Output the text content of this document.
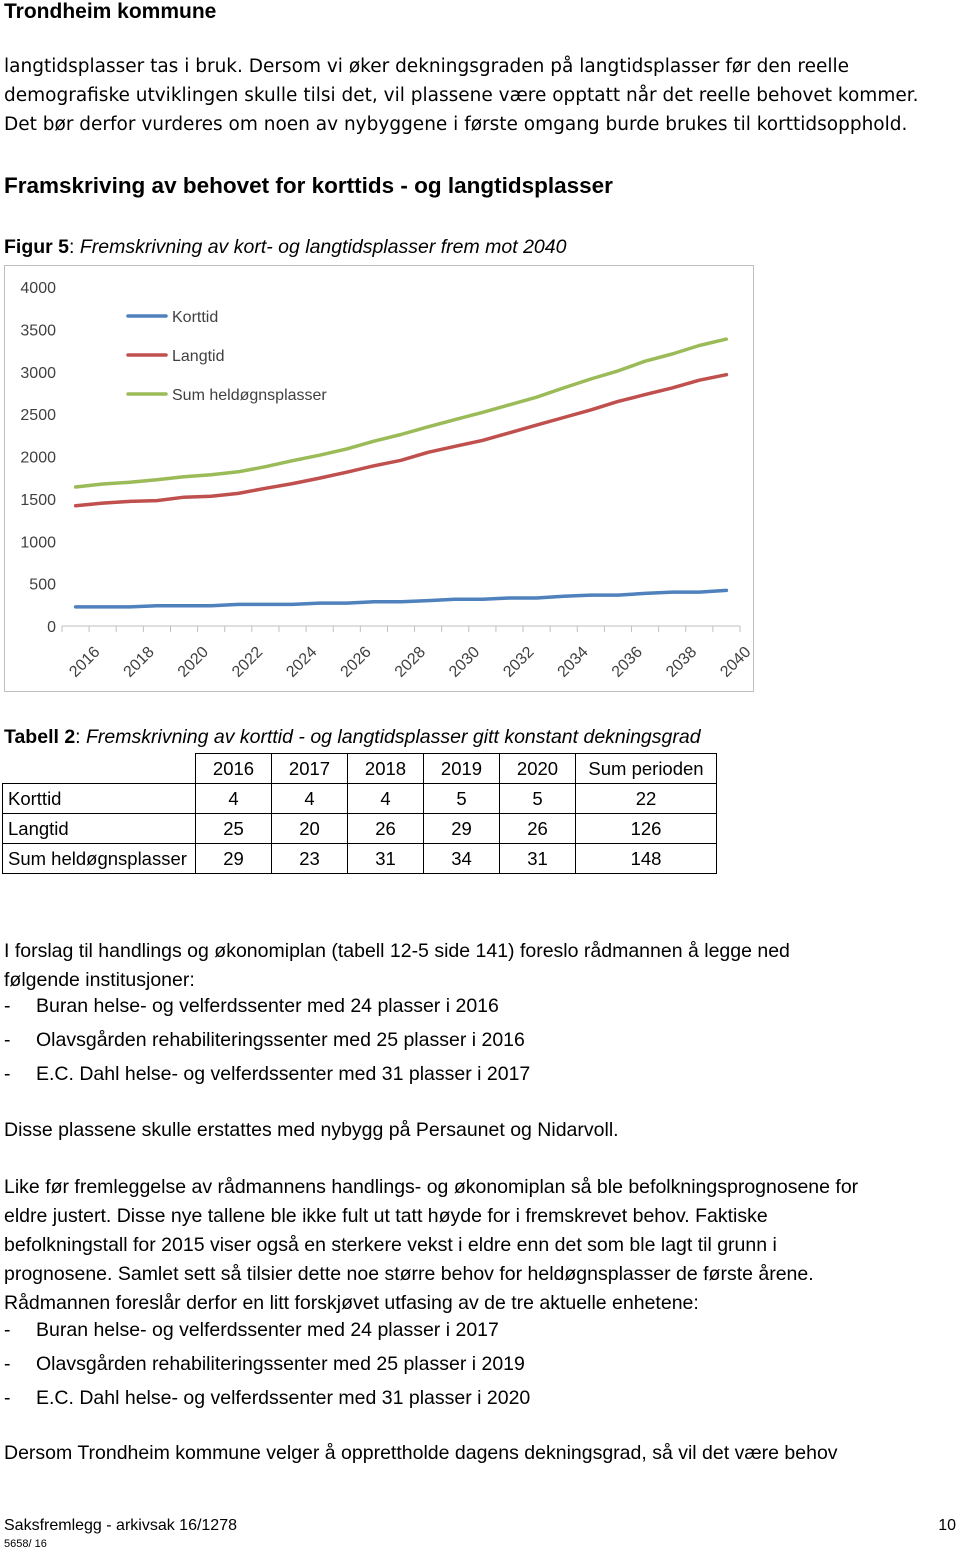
Trondheim kommune
langtidsplasser tas i bruk. Dersom vi øker dekningsgraden på langtidsplasser før den reelle
demografiske utviklingen skulle tilsi det, vil plassene være opptatt når det reelle behovet kommer.
Det bør derfor vurderes om noen av nybyggene i første omgang burde brukes til korttidsopphold.
Framskriving av behovet for korttids - og langtidsplasser
Figur 5: Fremskrivning av kort- og langtidsplasser frem mot 2040
0
500
1000
1500
2000
2500
3000
3500
4000
2016 2018 2020 2022 2024 2026 2028 2030 2032 2034 2036 2038 2040
Korttid
Langtid
Sum heldøgnsplasser
Tabell 2: Fremskrivning av korttid - og langtidsplasser gitt konstant dekningsgrad
	2016	2017	2018	2019	2020	Sum perioden
Korttid	4	4	4	5	5	22
Langtid	25	20	26	29	26	126
Sum heldøgnsplasser	29	23	31	34	31	148
I forslag til handlings og økonomiplan (tabell 12-5 side 141) foreslo rådmannen å legge ned
følgende institusjoner:
- Buran helse- og velferdssenter med 24 plasser i 2016
- Olavsgården rehabiliteringssenter med 25 plasser i 2016
- E.C. Dahl helse- og velferdssenter med 31 plasser i 2017
Disse plassene skulle erstattes med nybygg på Persaunet og Nidarvoll.
Like før fremleggelse av rådmannens handlings- og økonomiplan så ble befolkningsprognosene for
eldre justert. Disse nye tallene ble ikke fult ut tatt høyde for i fremskrevet behov. Faktiske
befolkningstall for 2015 viser også en sterkere vekst i eldre enn det som ble lagt til grunn i
prognosene. Samlet sett så tilsier dette noe større behov for heldøgnsplasser de første årene.
Rådmannen foreslår derfor en litt forskjøvet utfasing av de tre aktuelle enhetene:
- Buran helse- og velferdssenter med 24 plasser i 2017
- Olavsgården rehabiliteringssenter med 25 plasser i 2019
- E.C. Dahl helse- og velferdssenter med 31 plasser i 2020
Dersom Trondheim kommune velger å opprettholde dagens dekningsgrad, så vil det være behov
Saksfremlegg - arkivsak 16/1278
5658/ 16
10
